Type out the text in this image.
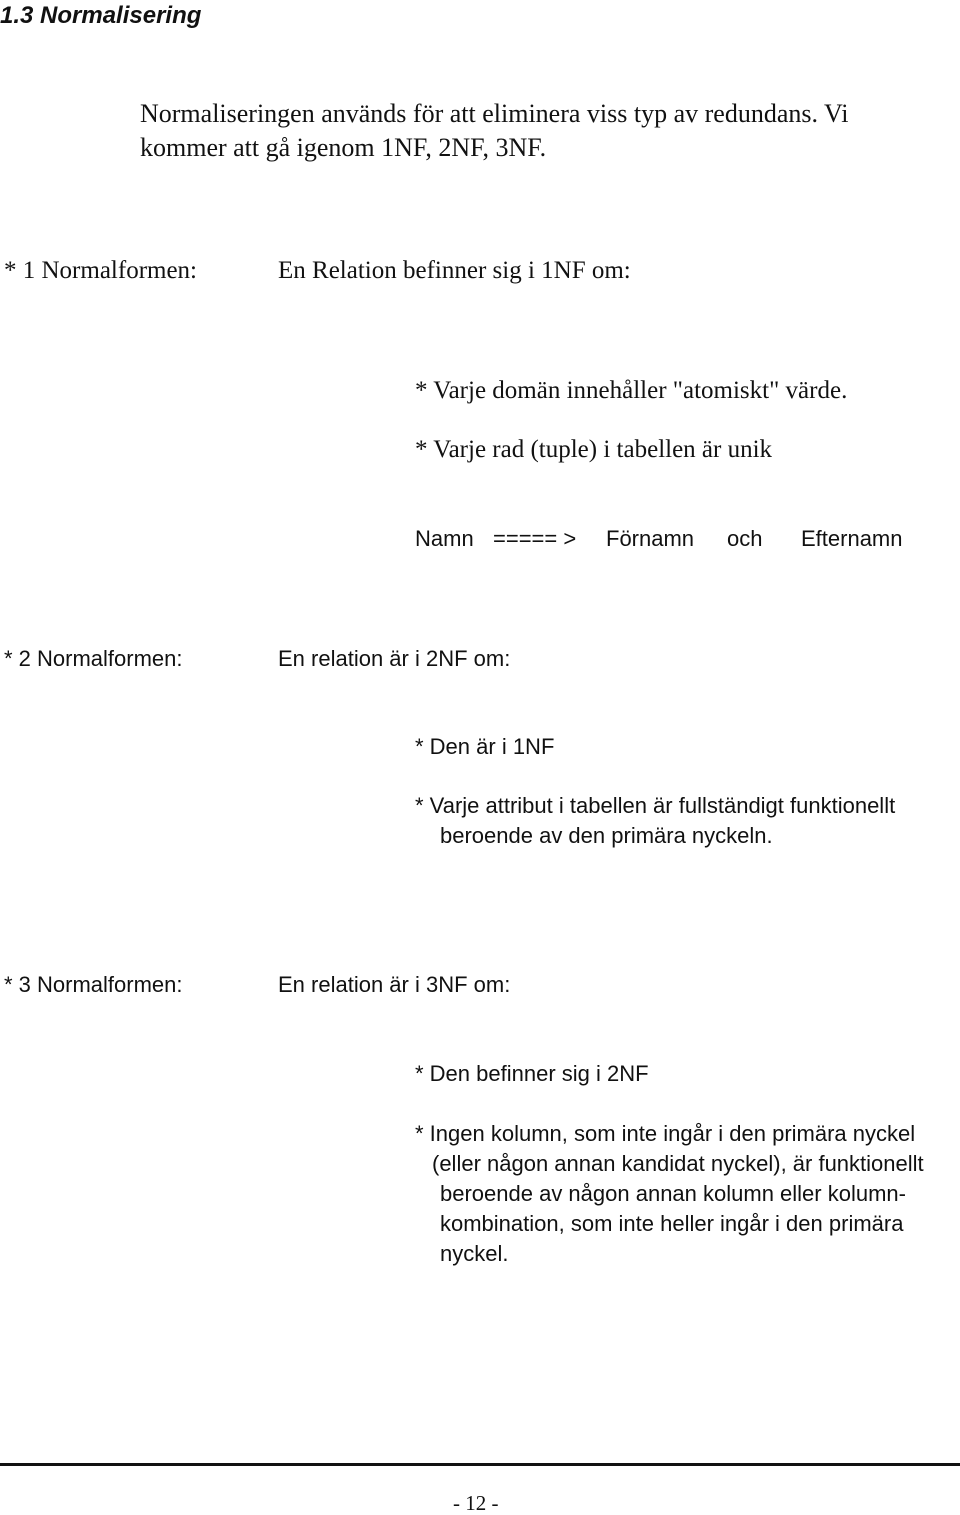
1.3 Normalisering
Normaliseringen används för att eliminera viss typ av redundans. Vi
kommer att gå igenom 1NF, 2NF, 3NF.
* 1 Normalformen:	En Relation befinner sig i 1NF om:
* Varje domän innehåller "atomiskt" värde.
* Varje rad (tuple) i tabellen är unik
Namn ===== > Förnamn och Efternamn
* 2 Normalformen:	En relation är i 2NF om:
* Den är i 1NF
* Varje attribut i tabellen är fullständigt funktionellt
beroende av den primära nyckeln.
* 3 Normalformen:	En relation är i 3NF om:
* Den befinner sig i 2NF
* Ingen kolumn, som inte ingår i den primära nyckel
(eller någon annan kandidat nyckel), är funktionellt
beroende av någon annan kolumn eller kolumn-
kombination, som inte heller ingår i den primära
nyckel.
- 12 -
